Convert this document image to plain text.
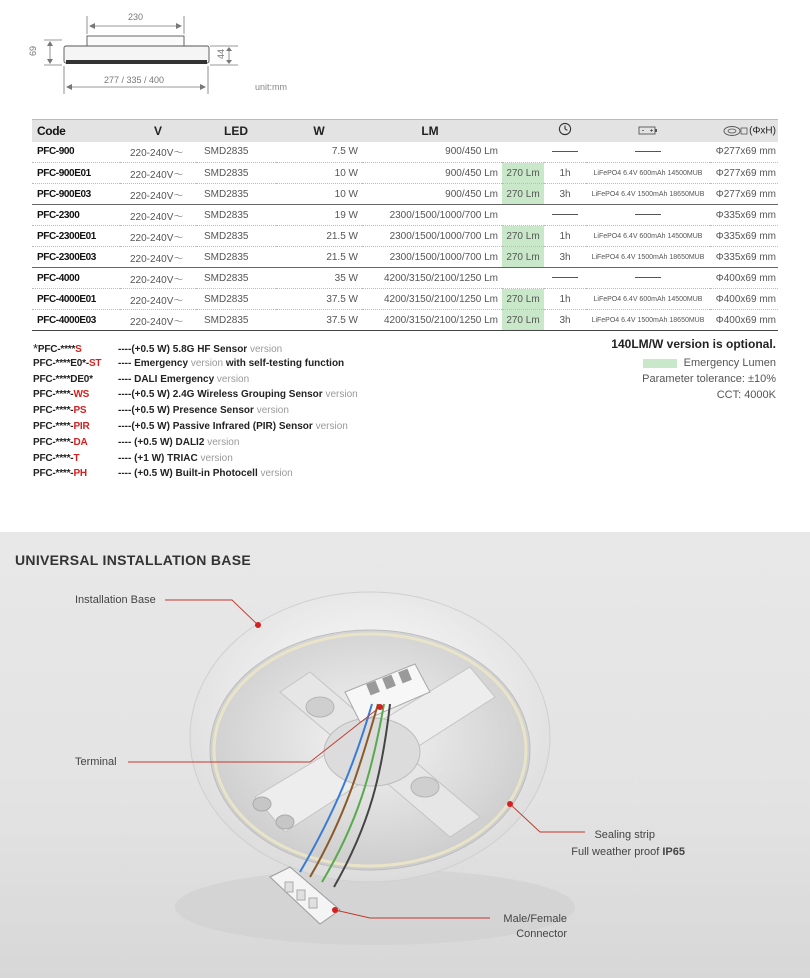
230
69	44
277 / 335 / 400
unit:mm
Code	V	LED	W	LM				(ΦxH)
PFC-900	220-240V～	SMD2835	7.5 W	900/450 Lm				Φ277x69 mm
PFC-900E01	220-240V～	SMD2835	10 W	900/450 Lm	270 Lm	1h	LiFePO4 6.4V 600mAh 14500MUB	Φ277x69 mm
PFC-900E03	220-240V～	SMD2835	10 W	900/450 Lm	270 Lm	3h	LiFePO4 6.4V 1500mAh 18650MUB	Φ277x69 mm
PFC-2300	220-240V～	SMD2835	19 W	2300/1500/1000/700 Lm				Φ335x69 mm
PFC-2300E01	220-240V～	SMD2835	21.5 W	2300/1500/1000/700 Lm	270 Lm	1h	LiFePO4 6.4V 600mAh 14500MUB	Φ335x69 mm
PFC-2300E03	220-240V～	SMD2835	21.5 W	2300/1500/1000/700 Lm	270 Lm	3h	LiFePO4 6.4V 1500mAh 18650MUB	Φ335x69 mm
PFC-4000	220-240V～	SMD2835	35 W	4200/3150/2100/1250 Lm				Φ400x69 mm
PFC-4000E01	220-240V～	SMD2835	37.5 W	4200/3150/2100/1250 Lm	270 Lm	1h	LiFePO4 6.4V 600mAh 14500MUB	Φ400x69 mm
PFC-4000E03	220-240V～	SMD2835	37.5 W	4200/3150/2100/1250 Lm	270 Lm	3h	LiFePO4 6.4V 1500mAh 18650MUB	Φ400x69 mm
*PFC-****S	----(+0.5 W) 5.8G HF Sensor version
PFC-****E0*-ST ---- Emergency version with self-testing function
PFC-****DE0*	---- DALI Emergency version
PFC-****-WS	----(+0.5 W) 2.4G Wireless Grouping Sensor version
PFC-****-PS	----(+0.5 W) Presence Sensor version
PFC-****-PIR	----(+0.5 W) Passive Infrared (PIR) Sensor version
PFC-****-DA	---- (+0.5 W) DALI2 version
PFC-****-T	---- (+1 W) TRIAC version
PFC-****-PH	---- (+0.5 W) Built-in Photocell version
140LM/W version is optional.
Emergency Lumen
Parameter tolerance: ±10%
CCT: 4000K
UNIVERSAL INSTALLATION BASE
Installation Base
Terminal
Sealing strip
Full weather proof IP65
Male/Female
Connector
